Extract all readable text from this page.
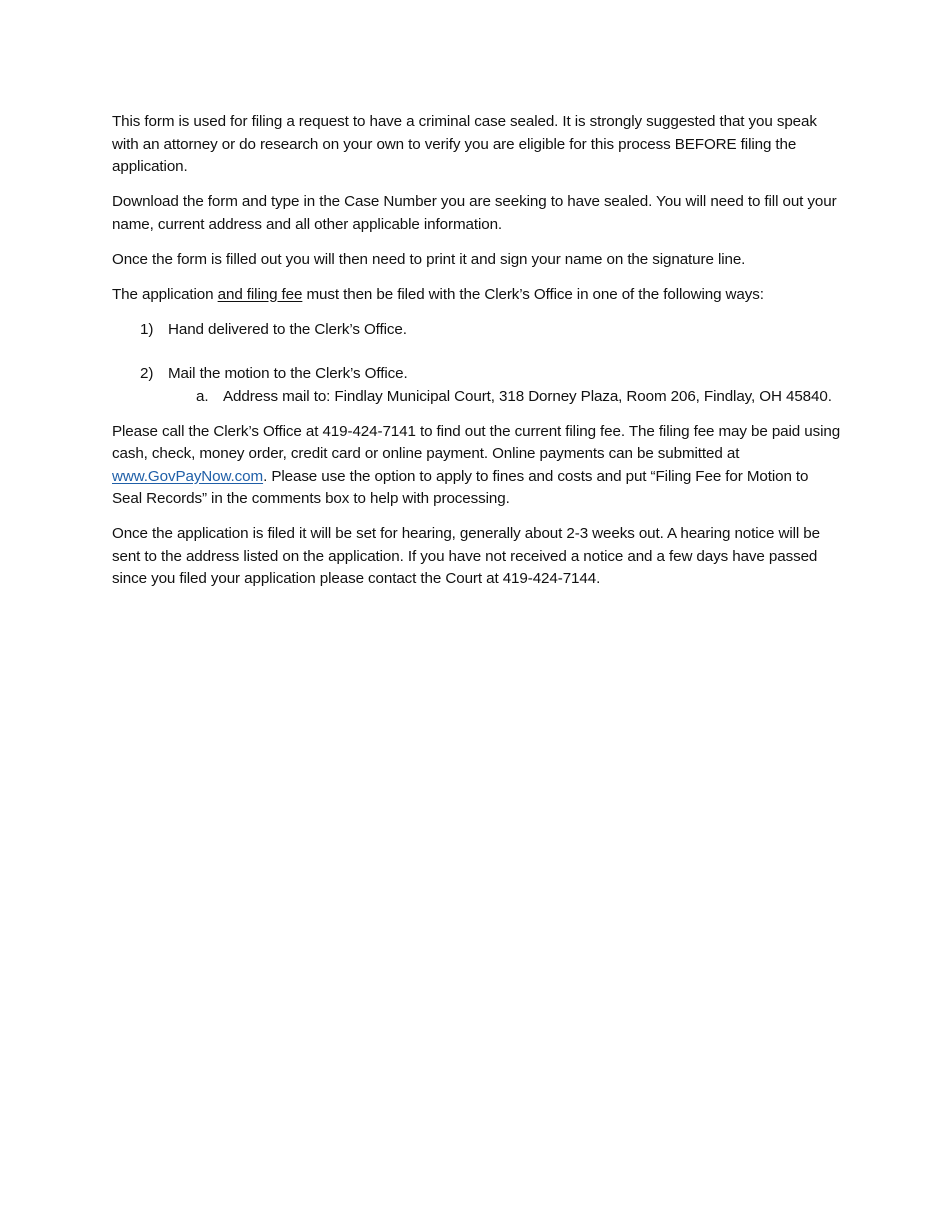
This form is used for filing a request to have a criminal case sealed. It is strongly suggested that you speak with an attorney or do research on your own to verify you are eligible for this process BEFORE filing the application.

Download the form and type in the Case Number you are seeking to have sealed. You will need to fill out your name, current address and all other applicable information.

Once the form is filled out you will then need to print it and sign your name on the signature line.

The application and filing fee must then be filed with the Clerk’s Office in one of the following ways:

1) Hand delivered to the Clerk’s Office.
2) Mail the motion to the Clerk’s Office.
a. Address mail to: Findlay Municipal Court, 318 Dorney Plaza, Room 206, Findlay, OH 45840.

Please call the Clerk’s Office at 419-424-7141 to find out the current filing fee. The filing fee may be paid using cash, check, money order, credit card or online payment. Online payments can be submitted at www.GovPayNow.com. Please use the option to apply to fines and costs and put “Filing Fee for Motion to Seal Records” in the comments box to help with processing.

Once the application is filed it will be set for hearing, generally about 2-3 weeks out. A hearing notice will be sent to the address listed on the application. If you have not received a notice and a few days have passed since you filed your application please contact the Court at 419-424-7144.
